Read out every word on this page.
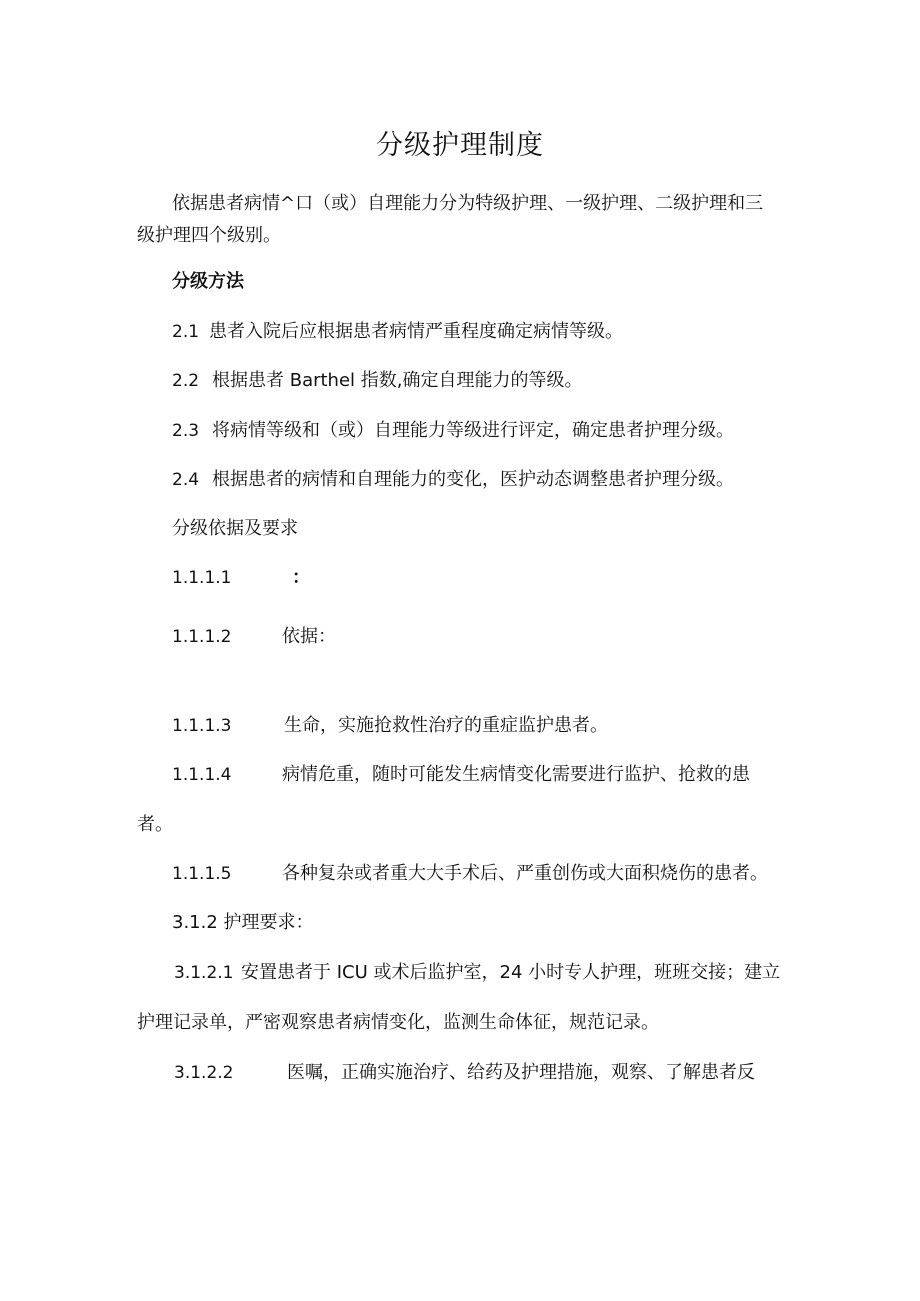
分级护理制度
依据患者病情^口（或）自理能力分为特级护理、一级护理、二级护理和三
级护理四个级别。
分级方法
2.1 患者入院后应根据患者病情严重程度确定病情等级。
2.2 根据患者 Barthel 指数,确定自理能力的等级。
2.3 将病情等级和（或）自理能力等级进行评定，确定患者护理分级。
2.4 根据患者的病情和自理能力的变化，医护动态调整患者护理分级。
分级依据及要求
1.1.1.1	：
1.1.1.2	依据：
1.1.1.3	生命，实施抢救性治疗的重症监护患者。
1.1.1.4	病情危重，随时可能发生病情变化需要进行监护、抢救的患
者。
1.1.1.5	各种复杂或者重大大手术后、严重创伤或大面积烧伤的患者。
3.1.2 护理要求：
3.1.2.1 安置患者于 ICU 或术后监护室，24 小时专人护理，班班交接；建立
护理记录单，严密观察患者病情变化，监测生命体征，规范记录。
3.1.2.2	医嘱，正确实施治疗、给药及护理措施，观察、了解患者反
